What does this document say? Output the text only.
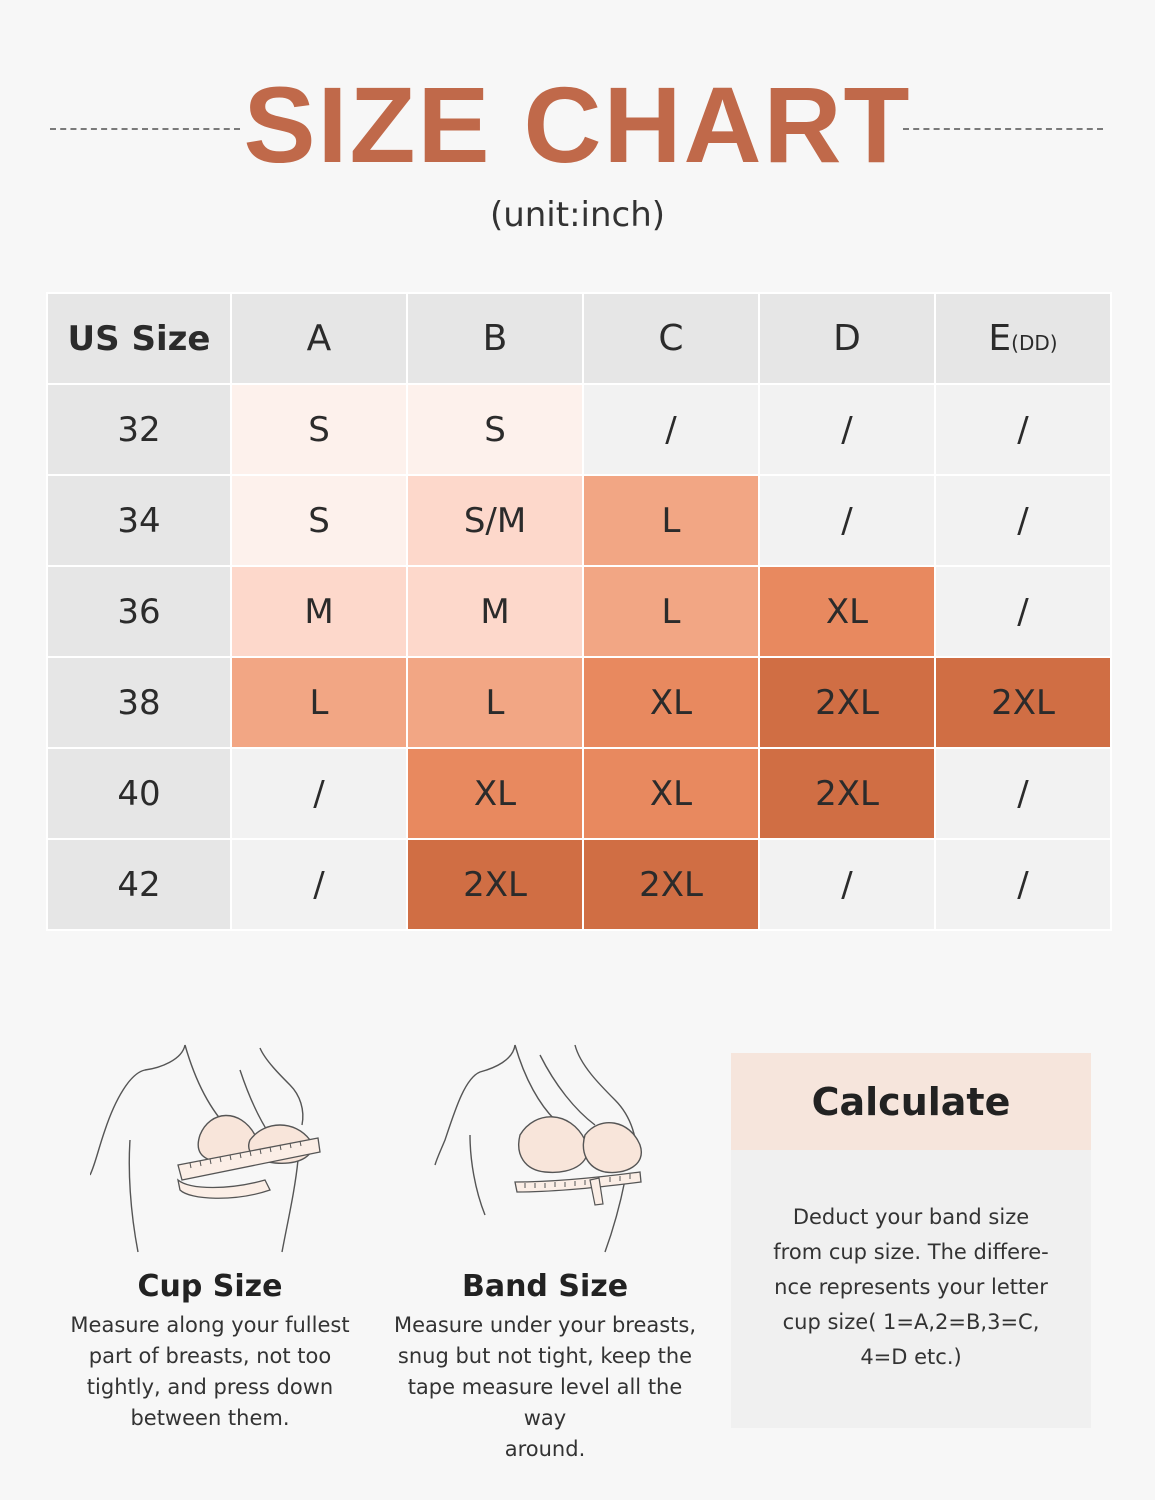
SIZE CHART
(unit:inch)
US Size	A	B	C	D	E(DD)
32	S	S	/	/	/
34	S	S/M	L	/	/
36	M	M	L	XL	/
38	L	L	XL	2XL	2XL
40	/	XL	XL	2XL	/
42	/	2XL	2XL	/	/
Cup Size

Measure along your fullest
part of breasts, not too
tightly, and press down
between them.

Band Size

Measure under your breasts,
snug but not tight, keep the
tape measure level all the way
around.

Calculate

Deduct your band size
from cup size. The differe-
nce represents your letter
cup size( 1=A,2=B,3=C,
4=D etc.)
